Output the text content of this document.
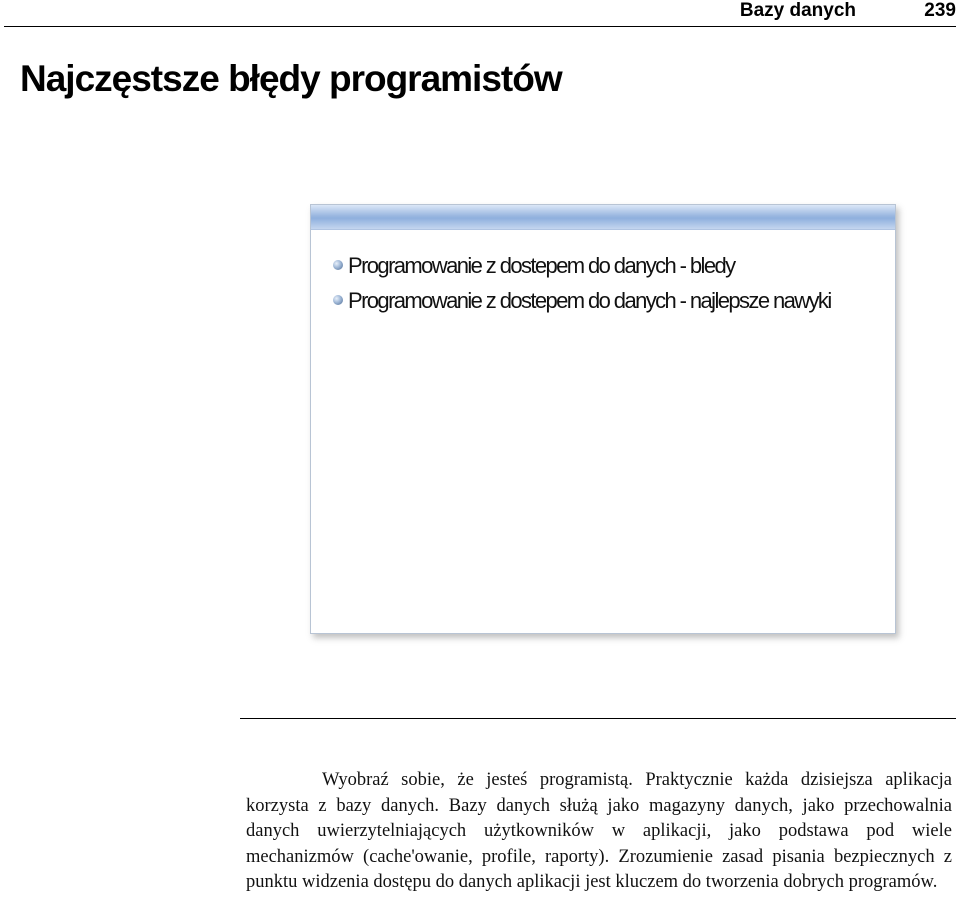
Bazy danych	239
Najczęstsze błędy programistów
Programowanie z dostepem do danych - bledy
Programowanie z dostepem do danych - najlepsze nawyki

Wyobraź sobie, że jesteś programistą. Praktycznie każda dzisiejsza aplikacja korzysta z bazy danych. Bazy danych służą jako magazyny danych, jako przechowalnia danych uwierzytelniających użytkowników w aplikacji, jako podstawa pod wiele mechanizmów (cache'owanie, profile, raporty). Zrozumienie zasad pisania bezpiecznych z punktu widzenia dostępu do danych aplikacji jest kluczem do tworzenia dobrych programów.
